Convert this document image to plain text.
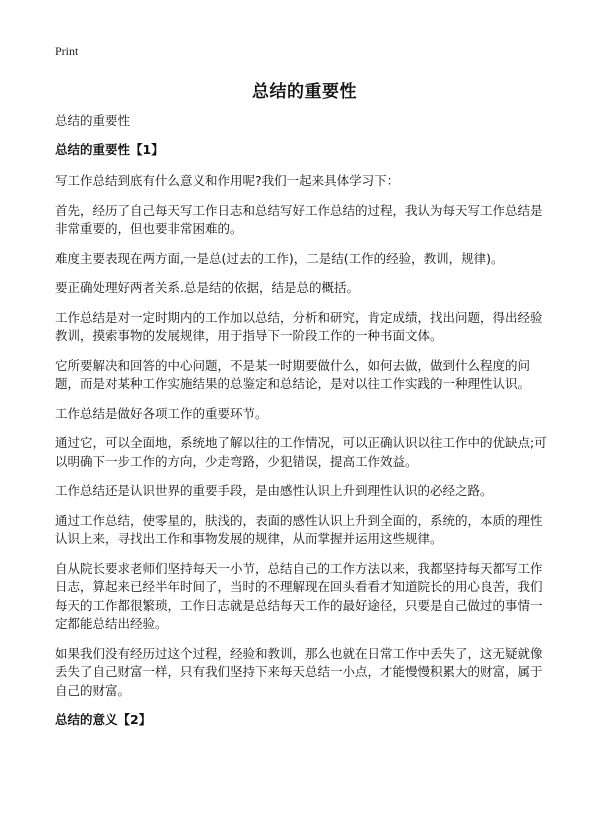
Print
总结的重要性
总结的重要性
总结的重要性【1】

写工作总结到底有什么意义和作用呢?我们一起来具体学习下：

首先，经历了自己每天写工作日志和总结写好工作总结的过程，我认为每天写工作总结是非常重要的，但也要非常困难的。

难度主要表现在两方面,一是总(过去的工作)，二是结(工作的经验，教训，规律)。

要正确处理好两者关系.总是结的依据，结是总的概括。

工作总结是对一定时期内的工作加以总结，分析和研究，肯定成绩，找出问题，得出经验教训，摸索事物的发展规律，用于指导下一阶段工作的一种书面文体。

它所要解决和回答的中心问题，不是某一时期要做什么，如何去做，做到什么程度的问题，而是对某种工作实施结果的总鉴定和总结论，是对以往工作实践的一种理性认识。

工作总结是做好各项工作的重要环节。

通过它，可以全面地，系统地了解以往的工作情况，可以正确认识以往工作中的优缺点;可以明确下一步工作的方向，少走弯路，少犯错误，提高工作效益。

工作总结还是认识世界的重要手段，是由感性认识上升到理性认识的必经之路。

通过工作总结，使零星的，肤浅的，表面的感性认识上升到全面的，系统的，本质的理性认识上来，寻找出工作和事物发展的规律，从而掌握并运用这些规律。

自从院长要求老师们坚持每天一小节，总结自己的工作方法以来，我都坚持每天都写工作日志，算起来已经半年时间了，当时的不理解现在回头看看才知道院长的用心良苦，我们每天的工作都很繁琐，工作日志就是总结每天工作的最好途径，只要是自己做过的事情一定都能总结出经验。

如果我们没有经历过这个过程，经验和教训，那么也就在日常工作中丢失了，这无疑就像丢失了自己财富一样，只有我们坚持下来每天总结一小点，才能慢慢积累大的财富，属于自己的财富。

总结的意义【2】
